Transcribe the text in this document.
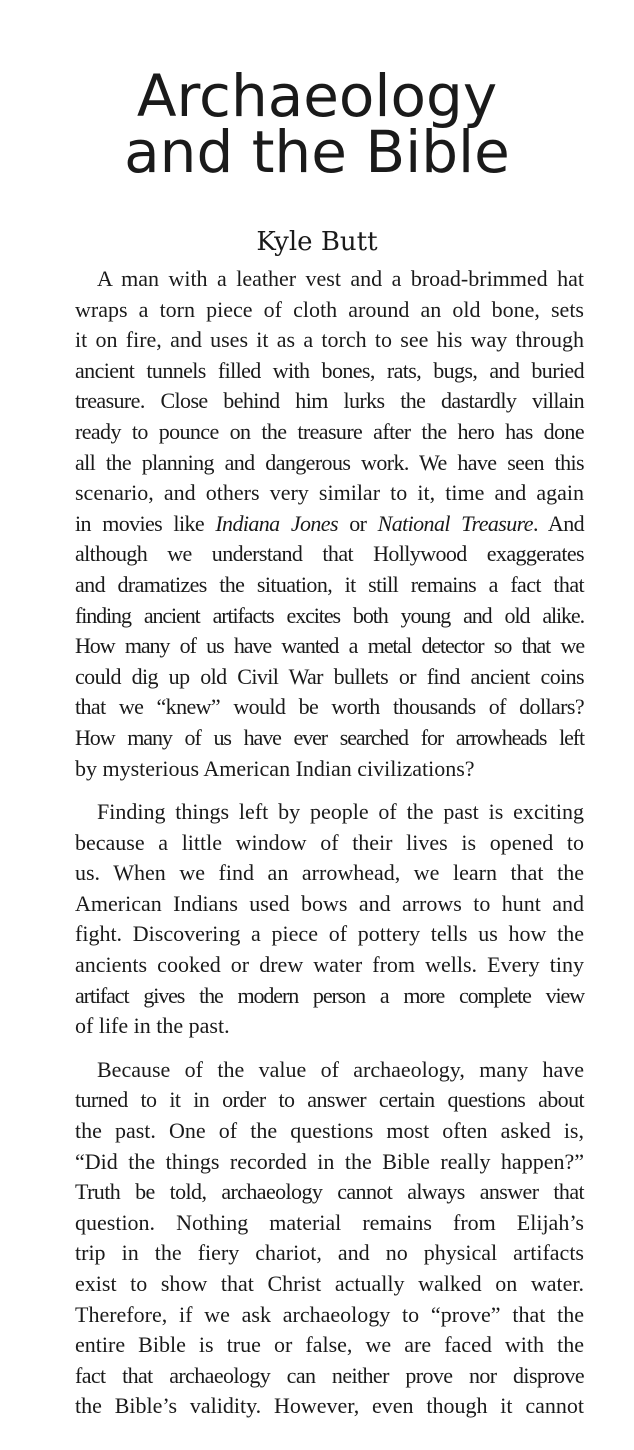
Archaeology
and the Bible
Kyle Butt
A man with a leather vest and a broad-brimmed hat
wraps a torn piece of cloth around an old bone, sets
it on fire, and uses it as a torch to see his way through
ancient tunnels filled with bones, rats, bugs, and buried
treasure. Close behind him lurks the dastardly villain
ready to pounce on the treasure after the hero has done
all the planning and dangerous work. We have seen this
scenario, and others very similar to it, time and again
in movies like Indiana Jones or National Treasure. And
although we understand that Hollywood exaggerates
and dramatizes the situation, it still remains a fact that
finding ancient artifacts excites both young and old alike.
How many of us have wanted a metal detector so that we
could dig up old Civil War bullets or find ancient coins
that we “knew” would be worth thousands of dollars?
How many of us have ever searched for arrowheads left
by mysterious American Indian civilizations?
Finding things left by people of the past is exciting
because a little window of their lives is opened to
us. When we find an arrowhead, we learn that the
American Indians used bows and arrows to hunt and
fight. Discovering a piece of pottery tells us how the
ancients cooked or drew water from wells. Every tiny
artifact gives the modern person a more complete view
of life in the past.
Because of the value of archaeology, many have
turned to it in order to answer certain questions about
the past. One of the questions most often asked is,
“Did the things recorded in the Bible really happen?”
Truth be told, archaeology cannot always answer that
question. Nothing material remains from Elijah’s
trip in the fiery chariot, and no physical artifacts
exist to show that Christ actually walked on water.
Therefore, if we ask archaeology to “prove” that the
entire Bible is true or false, we are faced with the
fact that archaeology can neither prove nor disprove
the Bible’s validity. However, even though it cannot
